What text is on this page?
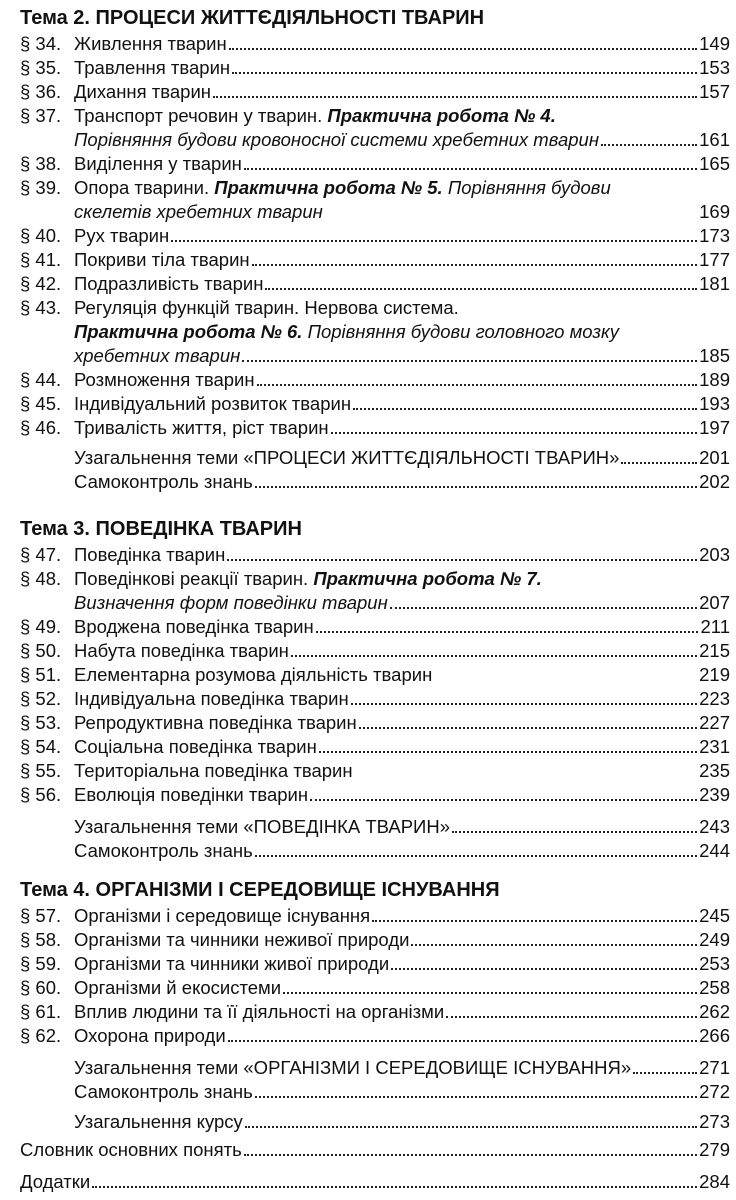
Тема 2. ПРОЦЕСИ ЖИТТЄДІЯЛЬНОСТІ ТВАРИН
§ 34. Живлення тварин	149
§ 35. Травлення тварин	153
§ 36. Дихання тварин	157
§ 37. Транспорт речовин у тварин.
Практична робота № 4.
Порівняння будови кровоносної системи хребетних тварин	161
§ 38. Виділення у тварин	165
§ 39. Опора тварини.
Практична робота № 5.
Порівняння будови
скелетів хребетних тварин	169
§ 40. Рух тварин	173
§ 41. Покриви тіла тварин	177
§ 42. Подразливість тварин	181
§ 43. Регуляція функцій тварин. Нервова система.
Практична робота № 6.
Порівняння будови головного мозку
хребетних тварин	185
§ 44. Розмноження тварин	189
§ 45. Індивідуальний розвиток тварин	193
§ 46. Тривалість життя, ріст тварин	197
Узагальнення теми «ПРОЦЕСИ ЖИТТЄДІЯЛЬНОСТІ ТВАРИН»	201
Самоконтроль знань	202
Тема 3. ПОВЕДІНКА ТВАРИН
§ 47. Поведінка тварин	203
§ 48. Поведінкові реакції тварин.
Практична робота № 7.
Визначення форм поведінки тварин	207
§ 49. Вроджена поведінка тварин	211
§ 50. Набута поведінка тварин	215
§ 51. Елементарна розумова діяльність тварин	219
§ 52. Індивідуальна поведінка тварин	223
§ 53. Репродуктивна поведінка тварин	227
§ 54. Соціальна поведінка тварин	231
§ 55. Територіальна поведінка тварин	235
§ 56. Еволюція поведінки тварин	239
Узагальнення теми «ПОВЕДІНКА ТВАРИН»	243
Самоконтроль знань	244
Тема 4. ОРГАНІЗМИ І СЕРЕДОВИЩЕ ІСНУВАННЯ
§ 57. Організми і середовище існування	245
§ 58. Організми та чинники неживої природи	249
§ 59. Організми та чинники живої природи	253
§ 60. Організми й екосистеми	258
§ 61. Вплив людини та її діяльності на організми	262
§ 62. Охорона природи	266
Узагальнення теми «ОРГАНІЗМИ І СЕРЕДОВИЩЕ ІСНУВАННЯ»	271
Самоконтроль знань	272
Узагальнення курсу	273
Словник основних понять	279
Додатки	284
